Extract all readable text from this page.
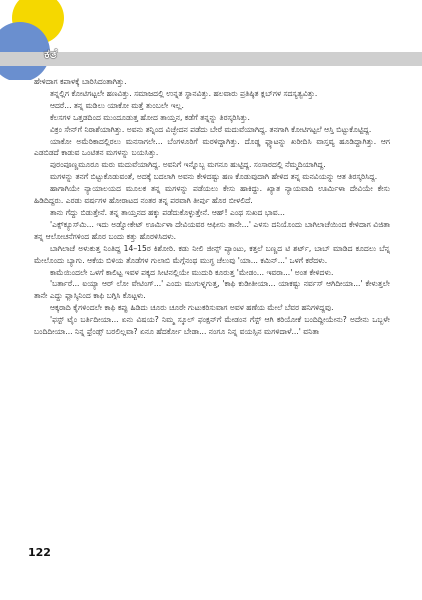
ಕತೆ

ಹೇಳಿದಾಗ ಕಪಾಳಕ್ಕೆ ಬಾರಿಸಿದಂತಾಗಿತ್ತು.

ತನ್ನಲ್ಲಿಗ ಕೋಟಿಗಟ್ಟಲೇ ಹಣವಿತ್ತು. ಸಮಾಜದಲ್ಲಿ ಉನ್ನತ ಸ್ಥಾನವಿತ್ತು. ಹಲವಾರು ಪ್ರತಿಷ್ಠಿತ ಕ್ಲಬ್‌ಗಳ ಸದಸ್ಯತ್ವವಿತ್ತು.

ಆದರೆ... ತನ್ನ ಮಡಿಲು ಯಾಕೋ ಮತ್ತೆ ತುಂಬಲೇ ಇಲ್ಲ.

ಕೆಲಸಗಳ ಒತ್ತಡದಿಂದ ಮುಂದೂಡುತ್ತ ಹೋದ ತಾಯ್ತನ, ಕಡೆಗೆ ತನ್ನನ್ನು ತಿರಸ್ಕರಿಸಿತ್ತು.

ವಿಕ್ರಂ ಸೇನ್‌ಗೆ ನಿರಾಶೆಯಾಗಿತ್ತು. ಅವನು ತನ್ನಿಂದ ವಿಚ್ಛೇದನ ಪಡೆದು ಬೇರೆ ಮದುವೆಯಾಗಿದ್ದ. ತನಗಾಗಿ ಕೋಟಿಗಟ್ಟಲೆ ಆಸ್ತಿ ಬಿಟ್ಟುಕೊಟ್ಟಿದ್ದ.

ಯಾಕೋ ಅಮೆರಿಕಾದಲ್ಲಿರಲು ಮನಸಾಗಲೇ... ಬೆಂಗಳೂರಿಗೆ ಮರಳಿದ್ದಾಗಿತ್ತು. ದೊಡ್ಡ ಫ್ಲ್ಯಾಟನ್ನು ಖರೀದಿಸಿ ವಾಸ್ತವ್ಯ ಹೂಡಿದ್ದಾಗಿತ್ತು. ಆಗ ಎಡಬಿಡದೆ ಕಾಡುವ ಒಂಟಿತನ ಮಗಳನ್ನು ಬಯಸಿತ್ತು.

ಪುರಂಪೂಣ್ಣಮೂರೂ ಮರು ಮದುವೆಯಾಗಿದ್ದ. ಅವನಿಗೆ ಇನ್ನೊಬ್ಬ ಮಗನೂ ಹುಟ್ಟಿದ್ದ. ಸಂಸಾರದಲ್ಲಿ ನೆಮ್ಮದಿಯಾಗಿದ್ದ.

ಮಗಳನ್ನು ತನಗೆ ಬಿಟ್ಟುಕೊಡುವಂತೆ, ಅದಕ್ಕೆ ಬದಲಾಗಿ ಅವನು ಕೇಳಿದಷ್ಟು ಹಣ ಕೊಡುವುದಾಗಿ ಹೇಳಿದ ತನ್ನ ಮನವಿಯನ್ನು ಆತ ತಿರಸ್ಕರಿಸಿದ್ದ.

ಹಾಗಾಗಿಯೇ ನ್ಯಾಯಾಲಯದ ಮೂಲಕ ತನ್ನ ಮಗಳನ್ನು ಪಡೆಯಲು ಕೇಸು ಹಾಕಿದ್ದು. ಖ್ಯಾತ ನ್ಯಾಯವಾದಿ ಊರ್ಮಿಳಾ ದೇವಿಯೇ ಕೇಸು ಹಿಡಿದಿದ್ದರು. ಎರಡು ವರ್ಷಗಳ ಹೋರಾಟದ ನಂತರ ತನ್ನ ಪರವಾಗಿ ತೀರ್ಪು ಹೊರ ಬೀಳಲಿದೆ.

ತಾನು ಗೆದ್ದು ಬಿಡುತ್ತೇನೆ. ತನ್ನ ತಾಯ್ತನದ ಹಕ್ಕು ಪಡೆದುಕೊಳ್ಳುತ್ತೇನೆ. ಆಹ್! ಎಂಥ ಸುಖದ ಭಾವ...

'ಎಕ್ಸ್‌ಕ್ಯೂಸ್‌ಮಿ... ಇದು ಅಡ್ವೋಕೇಟ್ ಊರ್ಮಿಳಾ ದೇವಿಯವರ ಆಫೀಸು ತಾನೇ...' ಎಳಸು ದನಿಯೊಂದು ಬಾಗಿಲಾಚೆಯಿಂದ ಕೇಳಿದಾಗ ವಿಜಿತಾ ತನ್ನ ಆಲೋಚನೆಗಳಿಂದ ಹೊರ ಬಂದು ಕತ್ತು ಹೊರಳಿಸಿದಳು.

ಬಾಗಿಲಾಚೆ ಅಳುಕುತ್ತ ನಿಂತಿದ್ದ 14–15ರ ಕಿಶೋರಿ. ಕಡು ನೀಲಿ ಜೀನ್ಸ್ ಪ್ಯಾಂಟು, ಕತ್ತಲೆ ಬಣ್ಣದ ಟಿ ಶರ್ಟ್, ಬಾಬ್ ಮಾಡಿದ ಕೂದಲು ಬೆನ್ನ ಮೇಲೊಂದು ಬ್ಯಾಗು. ಆಕೆಯ ಬಿಳಿಯ ತೊಡೆಗಳ ಗುಲಾಬಿ ಮೆಗ್ಗೆನಂಥ ಮುಗ್ಧ ಚೆಲುವು 'ಯಾ... ಕಮಿನ್...' ಒಳಗೆ ಕರೆದಳು.

ಕಾಮೆಯಿಂದಲೇ ಒಳಗೆ ಕಾಲಿಟ್ಟ ಇವಳ ಪಕ್ಕದ ಸೀಟಿನಲ್ಲಿಯೇ ಮುದುರಿ ಕೂರುತ್ತ 'ಮೇಡಂ... ಇವರಾ...' ಅಂತ ಕೇಳಿದಳು.

'ಬರ್ತಾರೆ... ಐಯ್ಯಾ ಆರ್ ಲೋ ವೇಟಿಂಗ್...' ಎಂದು ಮುಗುಳ್ನಗುತ್ತ, 'ಕಾಫಿ ಕುಡೀತೀಯಾ... ಯಾಕಷ್ಟು ನರ್ವಸ್ ಆಗಿದೀಯಾ...' ಕೇಳುತ್ತಲೇ ತಾನೇ ಎದ್ದು ಫ್ಲಾಸ್ಕಿನಿಂದ ಕಾಫಿ ಬಗ್ಗಿಸಿ ಕೊಟ್ಟಳು.

ಆಕ್ಕರಾದಿ ಕೈಗಳಿಂದಲೇ ಕಾಫಿ ಕಪ್ಪು ಹಿಡಿದು ಚೂರು ಚೂರೇ ಗುಟುಕರಿಸುವಾಗ ಅವಳ ಹಣೆಯ ಮೇಲೆ ಬೆವರ ಹನಿಗಳಿದ್ದವು.

'ಫಸ್ಟ್ ಟೈಂ ಬರ್ತಿದೀಯಾ... ಏನು ವಿಷಯ? ನಿಮ್ಮ ಸ್ಕೂಲ್ ಫಂಕ್ಷನ್‌ಗೆ ಮೇಡಂನ ಗೆಸ್ಟ್ ಆಗಿ ಕರಿಯೋಕೆ ಬಂದಿದ್ದೀಯೇನು? ಅದೇನು ಒಬ್ಬಳೇ ಬಂದಿದೀಯಾ... ನಿನ್ನ ಫ್ರೆಂಡ್ಸ್ ಬರಲಿಲ್ಲವಾ? ಏನೂ ಹೆದರ್ಕೋ ಬೇಡಾ... ನಂಗೂ ನಿನ್ನ ವಯಸ್ಸಿನ ಮಗಳಿದಾಳೆ...' ವನಿತಾ

122
